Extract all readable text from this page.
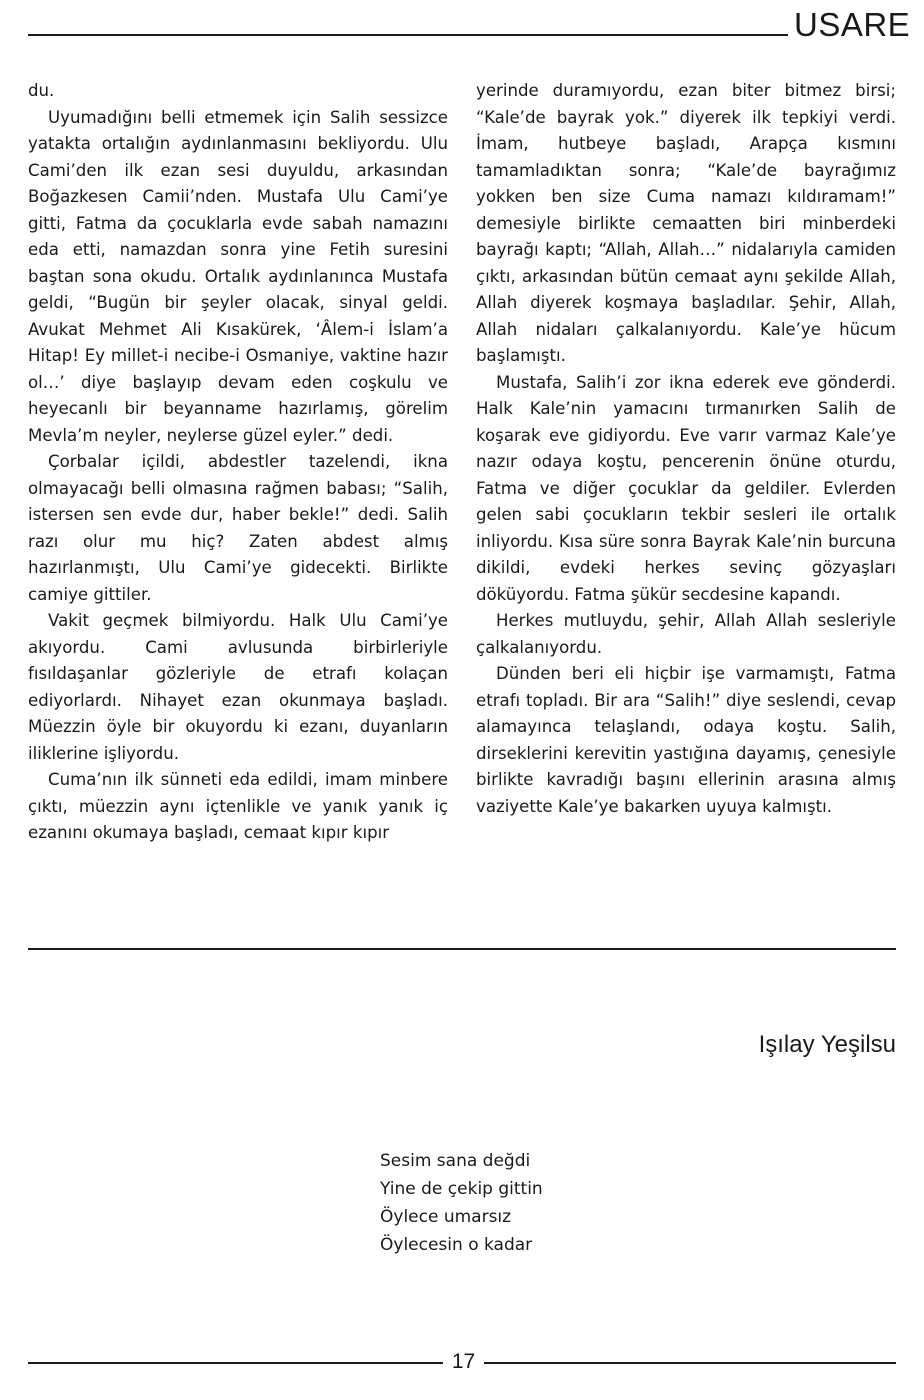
USARE

du.

Uyumadığını belli etmemek için Salih sessizce yatakta ortalığın aydınlanmasını bekliyordu. Ulu Cami’den ilk ezan sesi duyuldu, arkasından Boğazkesen Camii’nden. Mustafa Ulu Cami’ye gitti, Fatma da çocuklarla evde sabah namazını eda etti, namazdan sonra yine Fetih suresini baştan sona okudu. Ortalık aydınlanınca Mustafa geldi, “Bugün bir şeyler olacak, sinyal geldi. Avukat Mehmet Ali Kısakürek, ‘Âlem-i İslam’a Hitap! Ey millet-i necibe-i Osmaniye, vaktine hazır ol…’ diye başlayıp devam eden coşkulu ve heyecanlı bir beyanname hazırlamış, görelim Mevla’m neyler, neylerse güzel eyler.” dedi.

Çorbalar içildi, abdestler tazelendi, ikna olmayacağı belli olmasına rağmen babası; “Salih, istersen sen evde dur, haber bekle!” dedi. Salih razı olur mu hiç? Zaten abdest almış hazırlanmıştı, Ulu Cami’ye gidecekti. Birlikte camiye gittiler.

Vakit geçmek bilmiyordu. Halk Ulu Cami’ye akıyordu. Cami avlusunda birbirleriyle fısıldaşanlar gözleriyle de etrafı kolaçan ediyorlardı. Nihayet ezan okunmaya başladı. Müezzin öyle bir okuyordu ki ezanı, duyanların iliklerine işliyordu.

Cuma’nın ilk sünneti eda edildi, imam minbere çıktı, müezzin aynı içtenlikle ve yanık yanık iç ezanını okumaya başladı, cemaat kıpır kıpır

yerinde duramıyordu, ezan biter bitmez birsi; “Kale’de bayrak yok.” diyerek ilk tepkiyi verdi. İmam, hutbeye başladı, Arapça kısmını tamamladıktan sonra; “Kale’de bayrağımız yokken ben size Cuma namazı kıldıramam!” demesiyle birlikte cemaatten biri minberdeki bayrağı kaptı; “Allah, Allah…” nidalarıyla camiden çıktı, arkasından bütün cemaat aynı şekilde Allah, Allah diyerek koşmaya başladılar. Şehir, Allah, Allah nidaları çalkalanıyordu. Kale’ye hücum başlamıştı.

Mustafa, Salih’i zor ikna ederek eve gönderdi. Halk Kale’nin yamacını tırmanırken Salih de koşarak eve gidiyordu. Eve varır varmaz Kale’ye nazır odaya koştu, pencerenin önüne oturdu, Fatma ve diğer çocuklar da geldiler. Evlerden gelen sabi çocukların tekbir sesleri ile ortalık inliyordu. Kısa süre sonra Bayrak Kale’nin burcuna dikildi, evdeki herkes sevinç gözyaşları döküyordu. Fatma şükür secdesine kapandı.

Herkes mutluydu, şehir, Allah Allah sesleriyle çalkalanıyordu.

Dünden beri eli hiçbir işe varmamıştı, Fatma etrafı topladı. Bir ara “Salih!” diye seslendi, cevap alamayınca telaşlandı, odaya koştu. Salih, dirseklerini kerevitin yastığına dayamış, çenesiyle birlikte kavradığı başını ellerinin arasına almış vaziyette Kale’ye bakarken uyuya kalmıştı.

Işılay Yeşilsu
Sesim sana değdi
Yine de çekip gittin
Öylece umarsız
Öylecesin o kadar
17
